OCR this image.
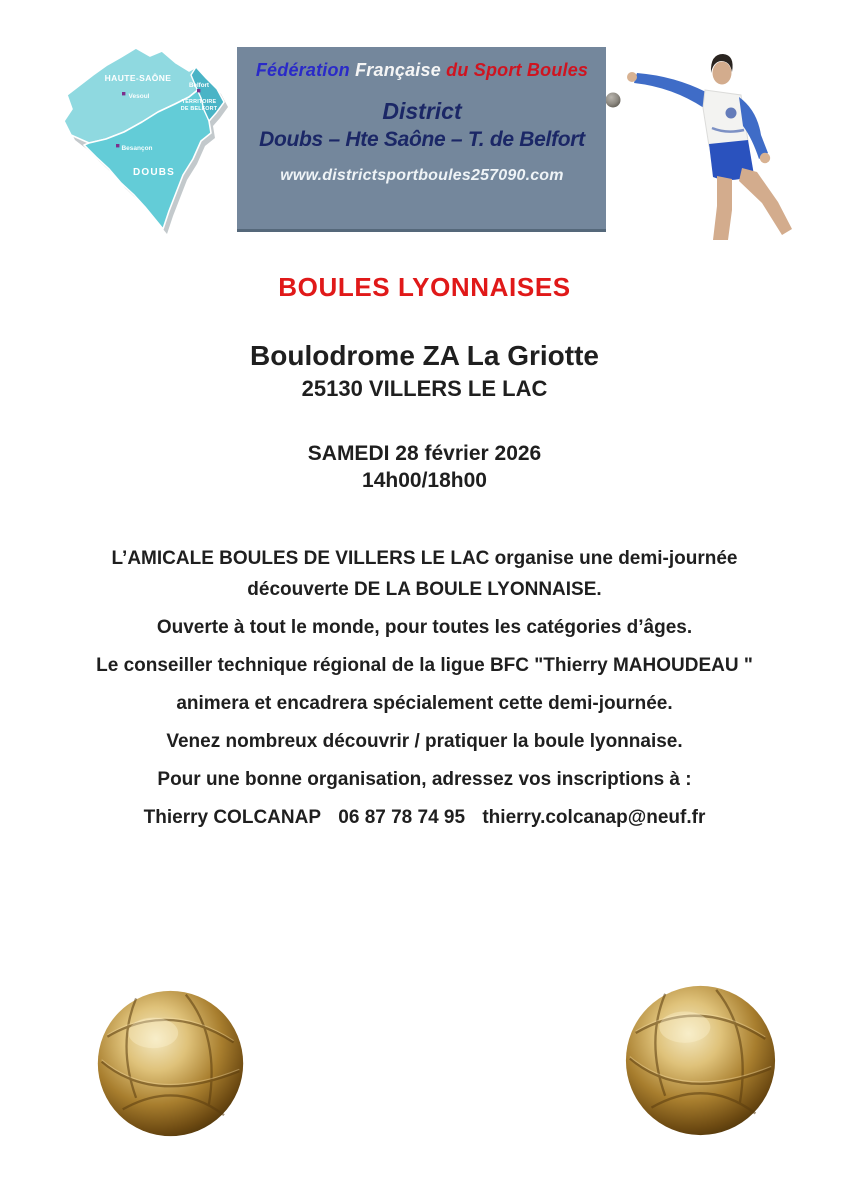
HAUTE-SAÔNE
Vesoul
Belfort
TERRITOIRE
DE BELFORT
Besançon
DOUBS
Fédération Française du Sport Boules
District
Doubs – Hte Saône – T. de Belfort
www.districtsportboules257090.com
BOULES LYONNAISES
Boulodrome ZA La Griotte
25130 VILLERS LE LAC
SAMEDI 28 février 2026
14h00/18h00

L’AMICALE BOULES DE VILLERS LE LAC organise une demi-journée

découverte DE LA BOULE LYONNAISE.

Ouverte à tout le monde, pour toutes les catégories d’âges.

Le conseiller technique régional de la ligue BFC "Thierry MAHOUDEAU "

animera et encadrera spécialement cette demi-journée.

Venez nombreux découvrir / pratiquer la boule lyonnaise.

Pour une bonne organisation, adressez vos inscriptions à :

Thierry COLCANAP 06 87 78 74 95 thierry.colcanap@neuf.fr
